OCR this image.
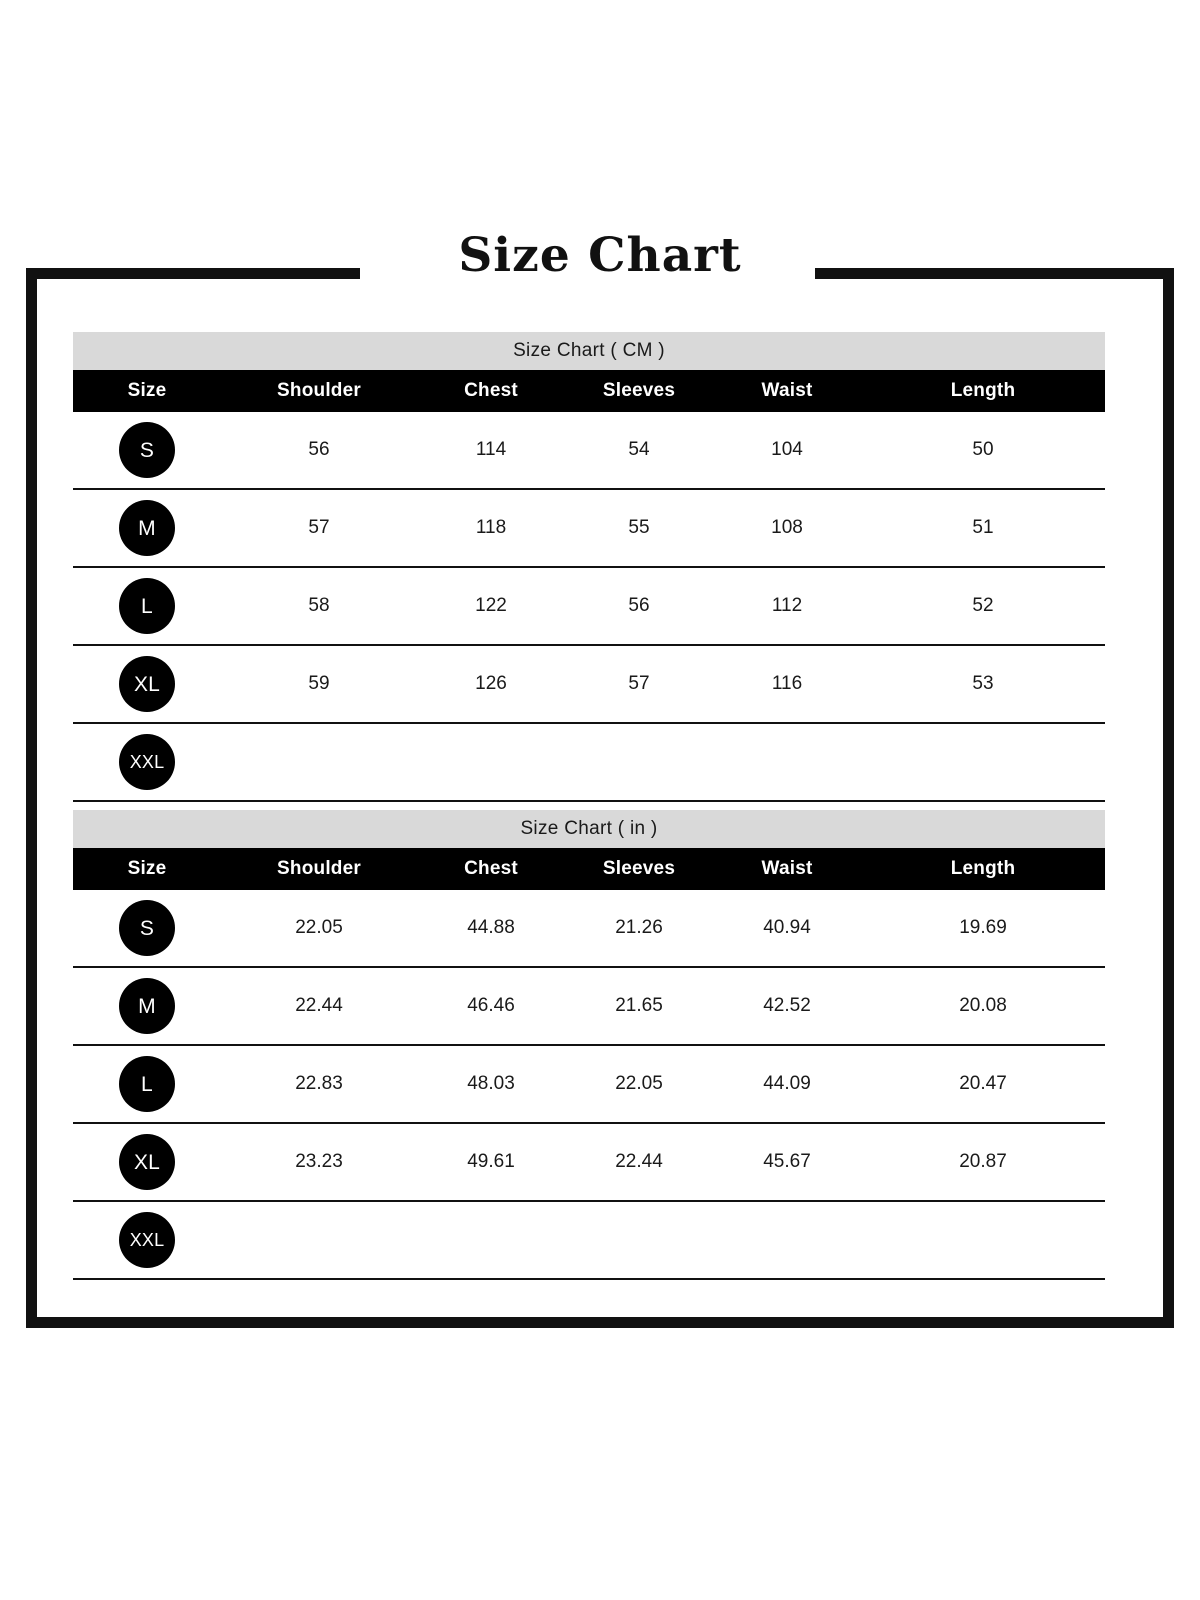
Size Chart
Size Chart ( CM )
Size	Shoulder	Chest	Sleeves	Waist	Length

S	56	114	54	104	50

M	57	118	55	108	51

L	58	122	56	112	52

XL	59	126	57	116	53

XXL					

Size Chart ( in )
Size	Shoulder	Chest	Sleeves	Waist	Length

S	22.05	44.88	21.26	40.94	19.69

M	22.44	46.46	21.65	42.52	20.08

L	22.83	48.03	22.05	44.09	20.47

XL	23.23	49.61	22.44	45.67	20.87

XXL					
